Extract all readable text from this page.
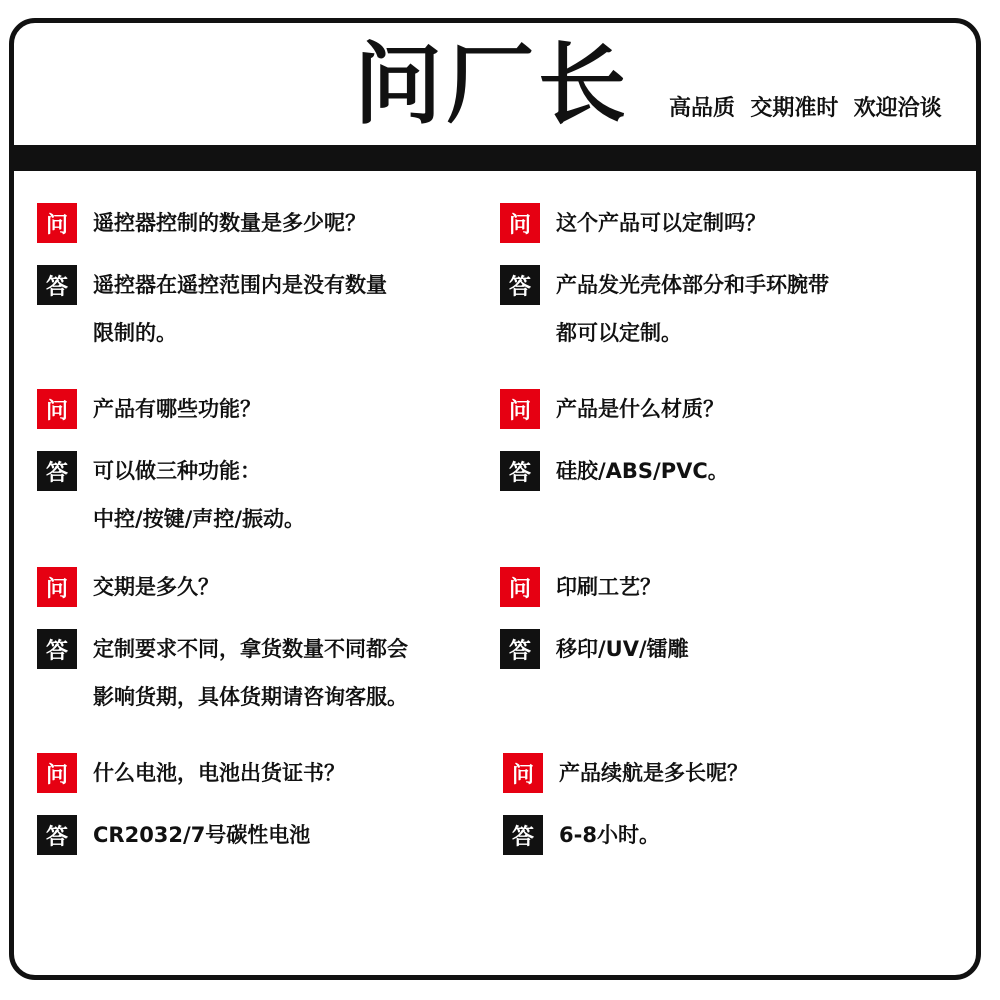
问厂长 高品质  交期准时  欢迎洽谈
问	遥控器控制的数量是多少呢？
答	遥控器在遥控范围内是没有数量
限制的。
问	这个产品可以定制吗？
答	产品发光壳体部分和手环腕带
都可以定制。
问	产品有哪些功能？
答	可以做三种功能：
中控/按键/声控/振动。
问	产品是什么材质？
答	硅胶/ABS/PVC。
问	交期是多久？
答	定制要求不同，拿货数量不同都会
影响货期，具体货期请咨询客服。
问	印刷工艺？
答	移印/UV/镭雕
问	什么电池，电池出货证书？
答	CR2032/7号碳性电池
问	产品续航是多长呢？
答	6-8小时。
